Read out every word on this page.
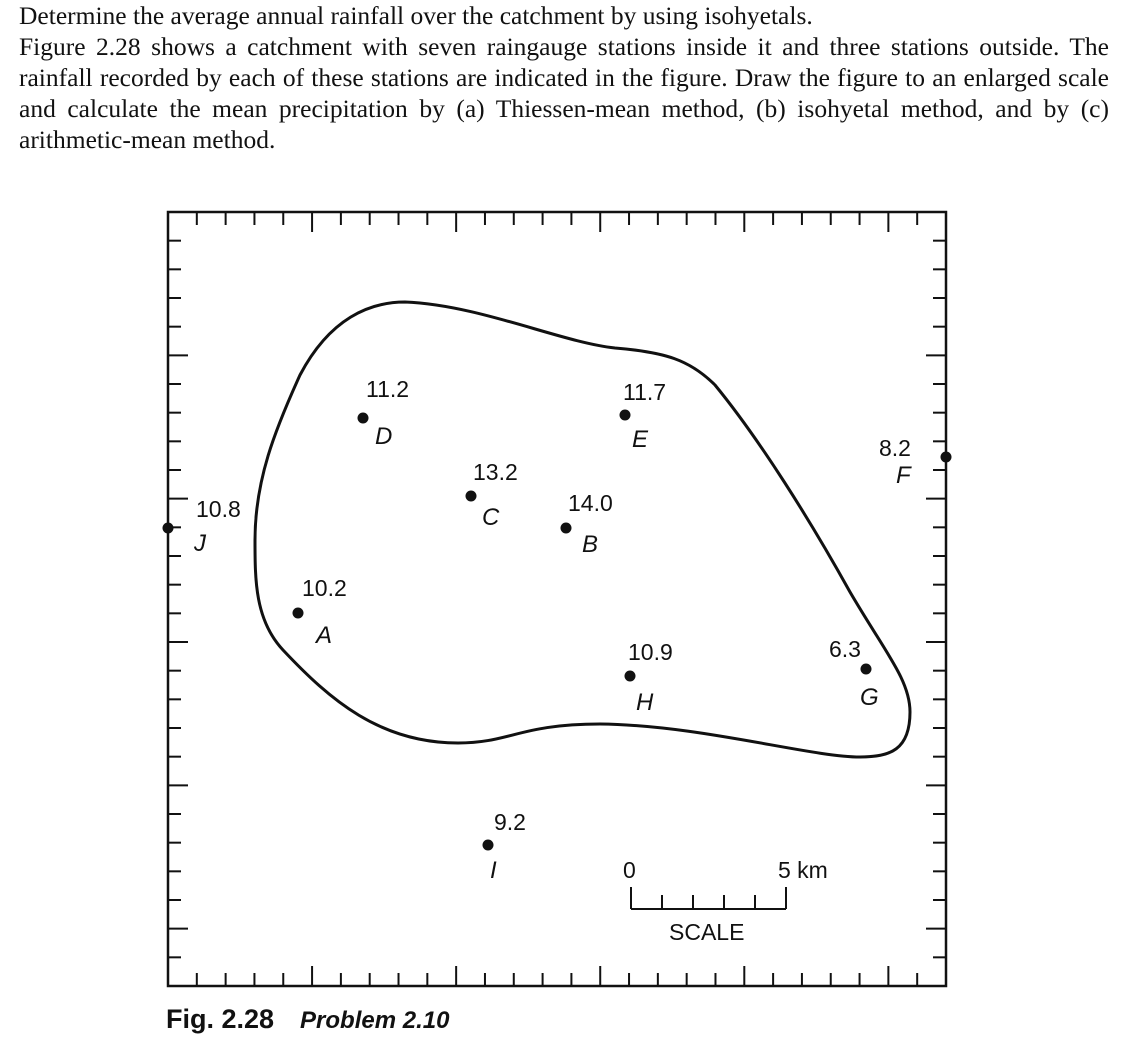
Determine the average annual rainfall over the catchment by using isohyetals.

Figure 2.28 shows a catchment with seven raingauge stations inside it and three stations outside. The rainfall recorded by each of these stations are indicated in the figure. Draw the figure to an enlarged scale and calculate the mean precipitation by (a) Thiessen-mean method, (b) isohyetal method, and by (c) arithmetic-mean method.

11.2	11.7
8.2
13.2
14.0
10.8
10.2
10.9	6.3
9.2
D	E
F
C
B
J
A
H	G
I	0	5 km
SCALE
Fig. 2.28 Problem 2.10
